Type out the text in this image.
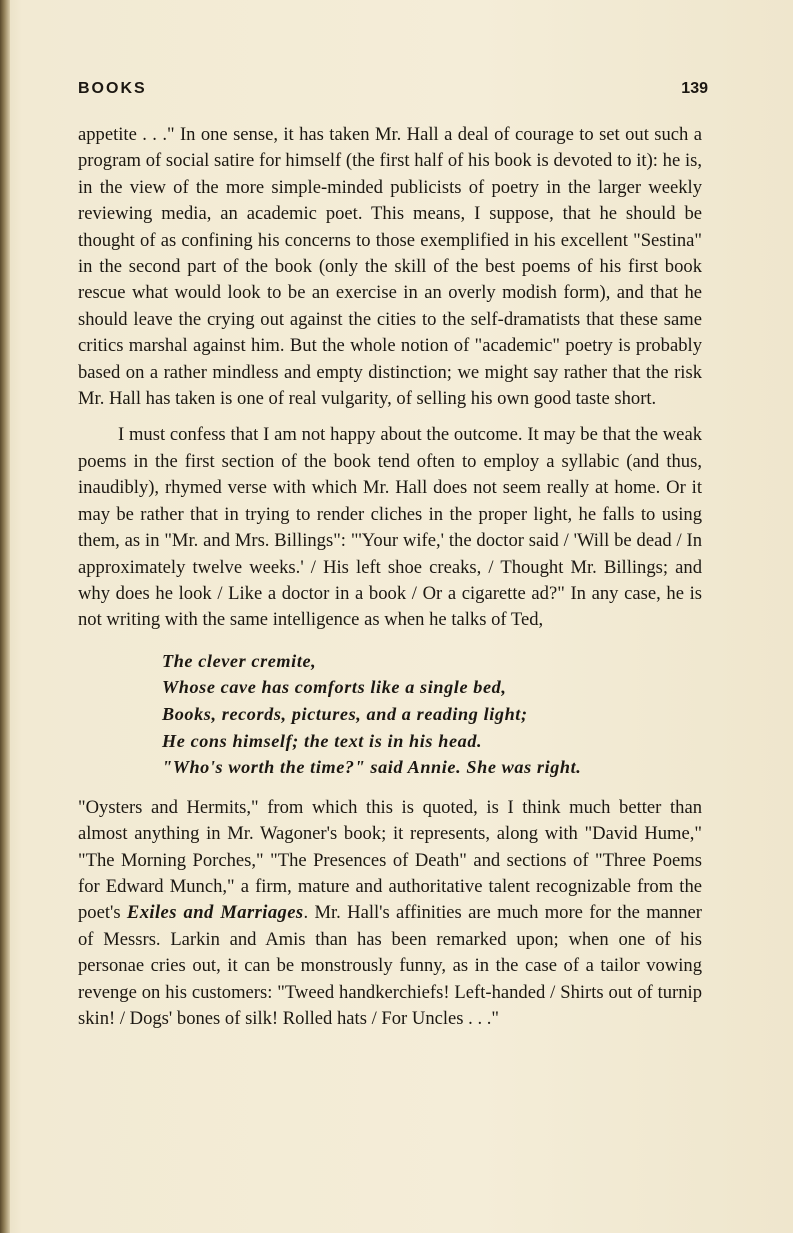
BOOKS	139

appetite . . ." In one sense, it has taken Mr. Hall a deal of courage to set out such a program of social satire for himself (the first half of his book is devoted to it): he is, in the view of the more simple-minded publicists of poetry in the larger weekly reviewing media, an academic poet. This means, I suppose, that he should be thought of as confining his concerns to those exemplified in his excellent "Sestina" in the second part of the book (only the skill of the best poems of his first book rescue what would look to be an exercise in an overly modish form), and that he should leave the crying out against the cities to the self-dramatists that these same critics marshal against him. But the whole notion of "academic" poetry is probably based on a rather mindless and empty distinction; we might say rather that the risk Mr. Hall has taken is one of real vulgarity, of selling his own good taste short.

I must confess that I am not happy about the outcome. It may be that the weak poems in the first section of the book tend often to employ a syllabic (and thus, inaudibly), rhymed verse with which Mr. Hall does not seem really at home. Or it may be rather that in trying to render cliches in the proper light, he falls to using them, as in "Mr. and Mrs. Billings": "'Your wife,' the doctor said / 'Will be dead / In approximately twelve weeks.' / His left shoe creaks, / Thought Mr. Billings; and why does he look / Like a doctor in a book / Or a cigarette ad?" In any case, he is not writing with the same intelligence as when he talks of Ted,

The clever cremite,
Whose cave has comforts like a single bed,
Books, records, pictures, and a reading light;
He cons himself; the text is in his head.
"Who's worth the time?" said Annie. She was right.

"Oysters and Hermits," from which this is quoted, is I think much better than almost anything in Mr. Wagoner's book; it represents, along with "David Hume," "The Morning Porches," "The Presences of Death" and sections of "Three Poems for Edward Munch," a firm, mature and authoritative talent recognizable from the poet's Exiles and Marriages. Mr. Hall's affinities are much more for the manner of Messrs. Larkin and Amis than has been remarked upon; when one of his personae cries out, it can be monstrously funny, as in the case of a tailor vowing revenge on his customers: "Tweed handkerchiefs! Left-handed / Shirts out of turnip skin! / Dogs' bones of silk! Rolled hats / For Uncles . . ."
